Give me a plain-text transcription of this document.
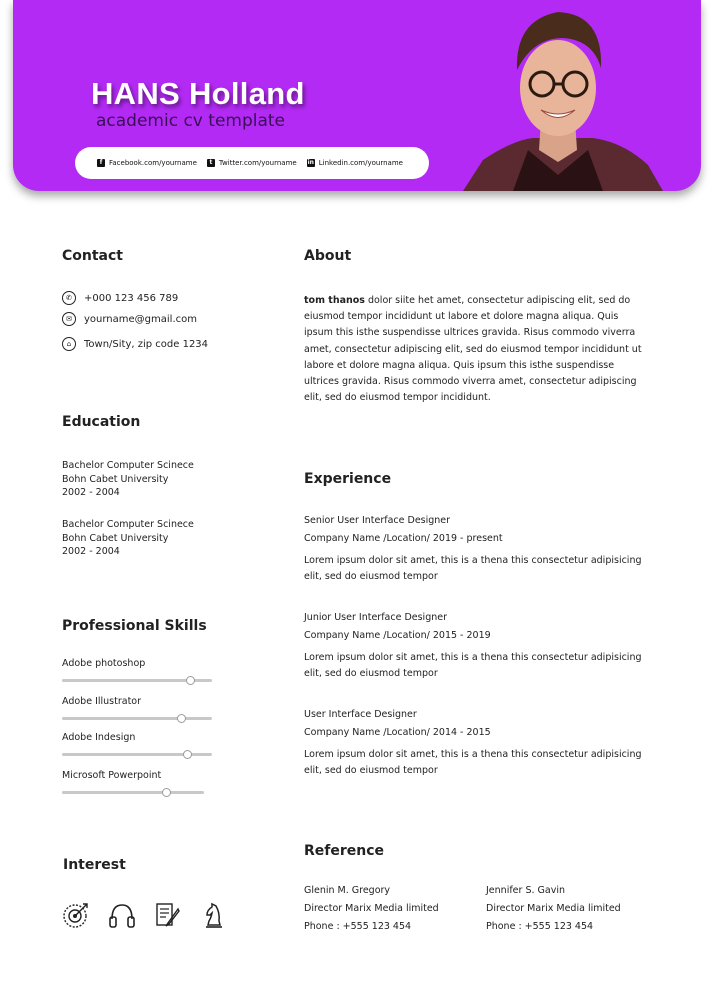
HANS Holland
academic cv template
f Facebook.com/yourname	t Twitter.com/yourname in Linkedin.com/yourname
Contact
✆	+000 123 456 789
✉	yourname@gmail.com
⌂	Town/Sity, zip code 1234
Education
Bachelor Computer Scinece
Bohn Cabet University
2002 - 2004
Bachelor Computer Scinece
Bohn Cabet University
2002 - 2004
Professional Skills
Adobe photoshop
Adobe Illustrator
Adobe Indesign
Microsoft Powerpoint
Interest
About
tom thanos dolor siite het amet, consectetur adipiscing elit, sed do eiusmod tempor incididunt ut labore et dolore magna aliqua. Quis ipsum this isthe suspendisse ultrices gravida. Risus commodo viverra amet, consectetur adipiscing elit, sed do eiusmod tempor incididunt ut labore et dolore magna aliqua. Quis ipsum this isthe suspendisse ultrices gravida. Risus commodo viverra amet, consectetur adipiscing elit, sed do eiusmod tempor incididunt.
Experience
Senior User Interface Designer
Company Name /Location/ 2019 - present
Lorem ipsum dolor sit amet, this is a thena this consectetur adipisicing elit, sed do eiusmod tempor
Junior User Interface Designer
Company Name /Location/ 2015 - 2019
Lorem ipsum dolor sit amet, this is a thena this consectetur adipisicing elit, sed do eiusmod tempor
User Interface Designer
Company Name /Location/ 2014 - 2015
Lorem ipsum dolor sit amet, this is a thena this consectetur adipisicing elit, sed do eiusmod tempor
Reference
Glenin M. Gregory
Director Marix Media limited
Phone : +555 123 454
Jennifer S. Gavin
Director Marix Media limited
Phone : +555 123 454
